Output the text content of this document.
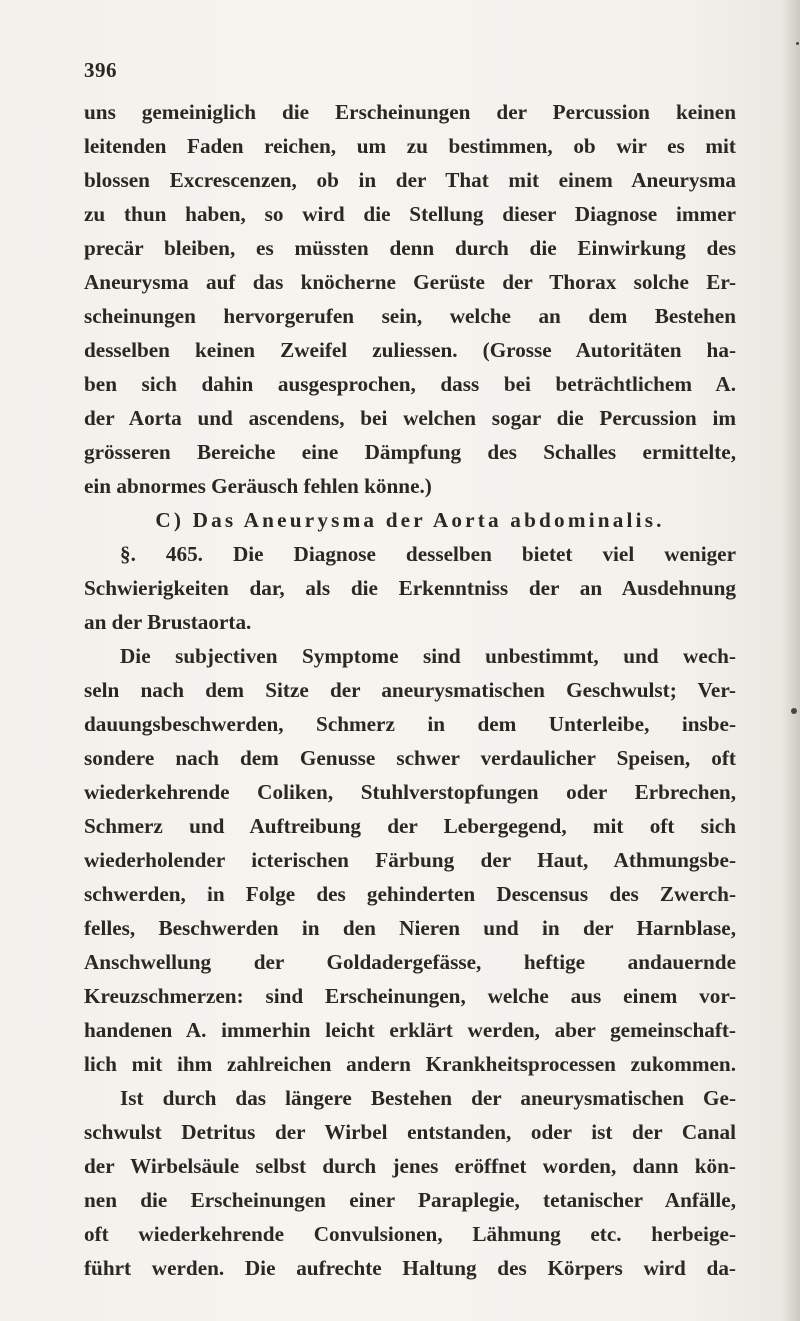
396
uns gemeiniglich die Erscheinungen der Percussion keinen
leitenden Faden reichen, um zu bestimmen, ob wir es mit
blossen Excrescenzen, ob in der That mit einem Aneurysma
zu thun haben, so wird die Stellung dieser Diagnose immer
precär bleiben, es müssten denn durch die Einwirkung des
Aneurysma auf das knöcherne Gerüste der Thorax solche Er-
scheinungen hervorgerufen sein, welche an dem Bestehen
desselben keinen Zweifel zuliessen. (Grosse Autoritäten ha-
ben sich dahin ausgesprochen, dass bei beträchtlichem A.
der Aorta und ascendens, bei welchen sogar die Percussion im
grösseren Bereiche eine Dämpfung des Schalles ermittelte,
ein abnormes Geräusch fehlen könne.)
C) Das Aneurysma der Aorta abdominalis.
§. 465. Die Diagnose desselben bietet viel weniger
Schwierigkeiten dar, als die Erkenntniss der an Ausdehnung
an der Brustaorta.
Die subjectiven Symptome sind unbestimmt, und wech-
seln nach dem Sitze der aneurysmatischen Geschwulst; Ver-
dauungsbeschwerden, Schmerz in dem Unterleibe, insbe-
sondere nach dem Genusse schwer verdaulicher Speisen, oft
wiederkehrende Coliken, Stuhlverstopfungen oder Erbrechen,
Schmerz und Auftreibung der Lebergegend, mit oft sich
wiederholender icterischen Färbung der Haut, Athmungsbe-
schwerden, in Folge des gehinderten Descensus des Zwerch-
felles, Beschwerden in den Nieren und in der Harnblase,
Anschwellung der Goldadergefässe, heftige andauernde
Kreuzschmerzen: sind Erscheinungen, welche aus einem vor-
handenen A. immerhin leicht erklärt werden, aber gemeinschaft-
lich mit ihm zahlreichen andern Krankheitsprocessen zukommen.
Ist durch das längere Bestehen der aneurysmatischen Ge-
schwulst Detritus der Wirbel entstanden, oder ist der Canal
der Wirbelsäule selbst durch jenes eröffnet worden, dann kön-
nen die Erscheinungen einer Paraplegie, tetanischer Anfälle,
oft wiederkehrende Convulsionen, Lähmung etc. herbeige-
führt werden. Die aufrechte Haltung des Körpers wird da-
